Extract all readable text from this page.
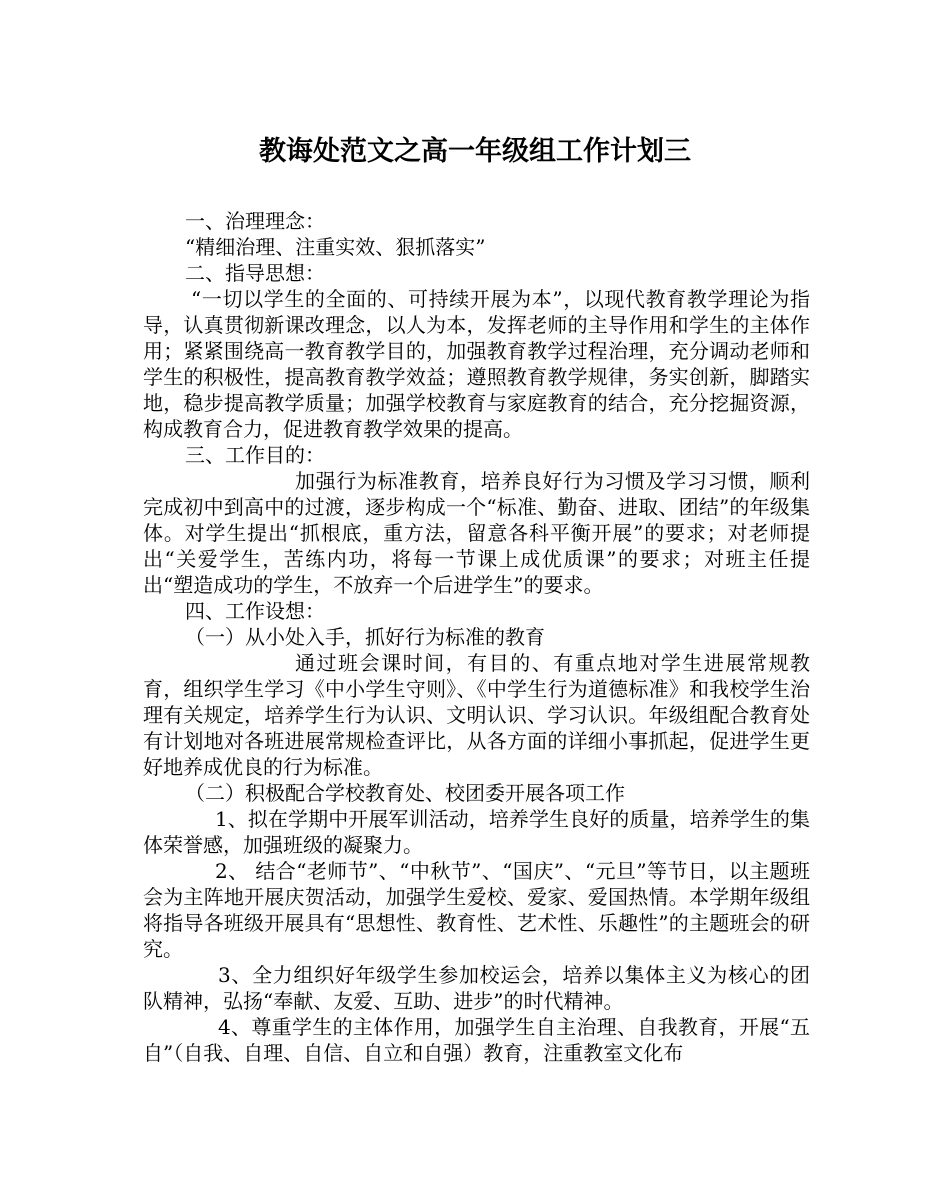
教诲处范文之高一年级组工作计划三

一、治理理念：

“精细治理、注重实效、狠抓落实”

二、指导思想：

“一切以学生的全面的、可持续开展为本”，以现代教育教学理论为指导，认真贯彻新课改理念，以人为本，发挥老师的主导作用和学生的主体作用；紧紧围绕高一教育教学目的，加强教育教学过程治理，充分调动老师和学生的积极性，提高教育教学效益；遵照教育教学规律，务实创新，脚踏实地，稳步提高教学质量；加强学校教育与家庭教育的结合，充分挖掘资源，构成教育合力，促进教育教学效果的提高。

三、工作目的：

加强行为标准教育，培养良好行为习惯及学习习惯，顺利完成初中到高中的过渡，逐步构成一个“标准、勤奋、进取、团结”的年级集体。对学生提出“抓根底，重方法，留意各科平衡开展”的要求；对老师提出“关爱学生，苦练内功，将每一节课上成优质课”的要求；对班主任提出“塑造成功的学生，不放弃一个后进学生”的要求。

四、工作设想：

（一）从小处入手，抓好行为标准的教育

通过班会课时间，有目的、有重点地对学生进展常规教育，组织学生学习《中小学生守则》、《中学生行为道德标准》和我校学生治理有关规定，培养学生行为认识、文明认识、学习认识。年级组配合教育处有计划地对各班进展常规检查评比，从各方面的详细小事抓起，促进学生更好地养成优良的行为标准。

（二）积极配合学校教育处、校团委开展各项工作

1、拟在学期中开展军训活动，培养学生良好的质量，培养学生的集体荣誉感，加强班级的凝聚力。

2、 结合“老师节”、“中秋节”、“国庆”、“元旦”等节日，以主题班会为主阵地开展庆贺活动，加强学生爱校、爱家、爱国热情。本学期年级组将指导各班级开展具有“思想性、教育性、艺术性、乐趣性”的主题班会的研究。

3、全力组织好年级学生参加校运会，培养以集体主义为核心的团队精神，弘扬“奉献、友爱、互助、进步”的时代精神。

4、尊重学生的主体作用，加强学生自主治理、自我教育，开展“五自”（自我、自理、自信、自立和自强）教育，注重教室文化布
